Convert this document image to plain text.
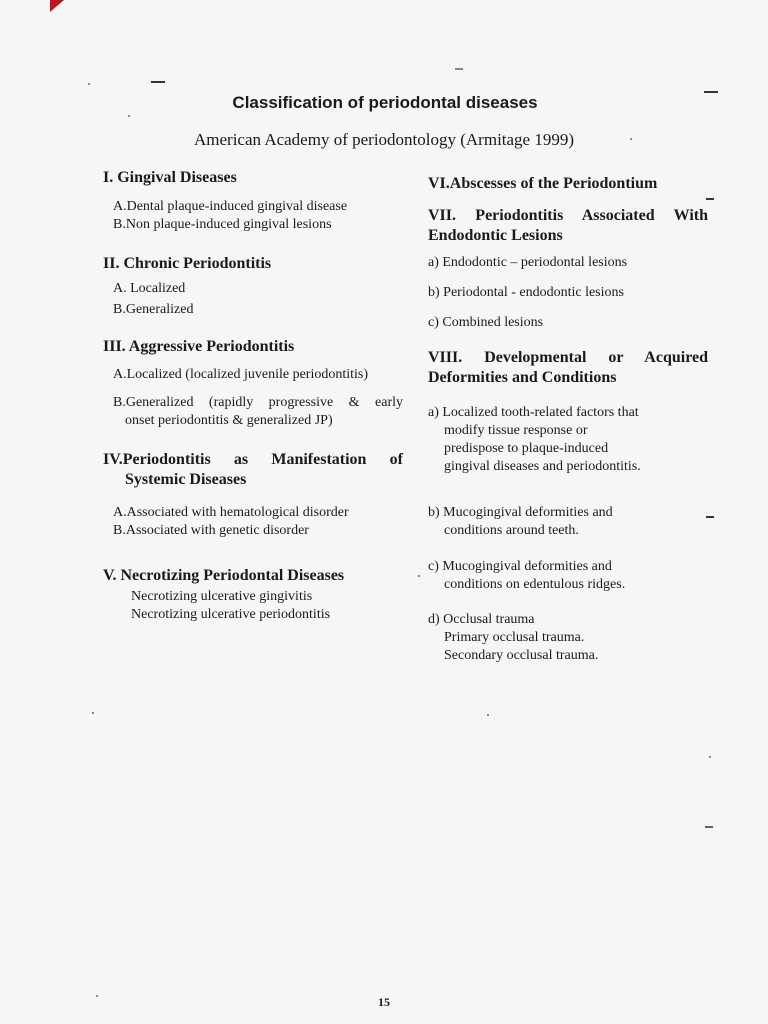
Classification of periodontal diseases

American Academy of periodontology (Armitage 1999)

I. Gingival Diseases

A.Dental plaque-induced gingival disease

B.Non plaque-induced gingival lesions

II. Chronic Periodontitis

A. Localized

B.Generalized

III. Aggressive Periodontitis

A.Localized (localized juvenile periodontitis)

B.Generalized (rapidly progressive & early

onset periodontitis & generalized JP)

IV.Periodontitis as Manifestation of

Systemic Diseases

A.Associated with hematological disorder

B.Associated with genetic disorder

V. Necrotizing Periodontal Diseases

Necrotizing ulcerative gingivitis

Necrotizing ulcerative periodontitis

VI.Abscesses of the Periodontium

VII. Periodontitis Associated With

Endodontic Lesions

a) Endodontic – periodontal lesions

b) Periodontal - endodontic lesions

c) Combined lesions

VIII. Developmental or Acquired

Deformities and Conditions

a) Localized tooth-related factors that

modify tissue response or

predispose to plaque-induced

gingival diseases and periodontitis.

b) Mucogingival deformities and

conditions around teeth.

c) Mucogingival deformities and

conditions on edentulous ridges.

d) Occlusal trauma

Primary occlusal trauma.

Secondary occlusal trauma.

15
